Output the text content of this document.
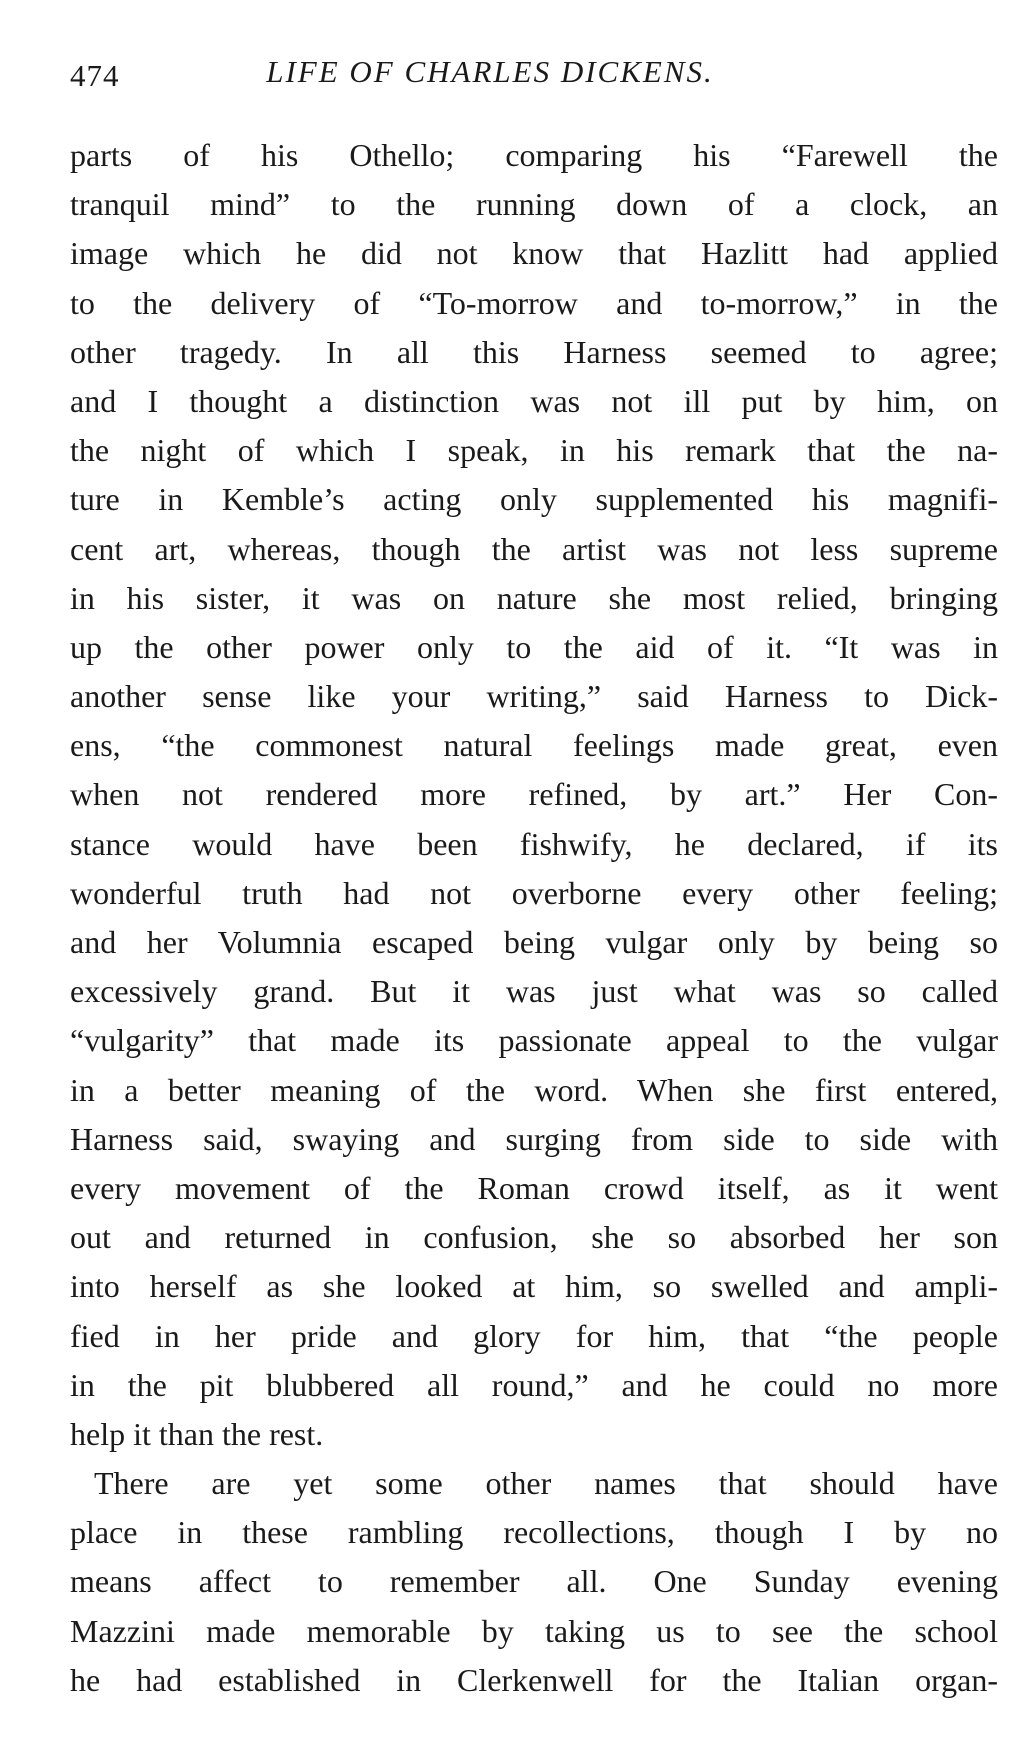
474	LIFE OF CHARLES DICKENS.
parts of his Othello; comparing his “Farewell the
tranquil mind” to the running down of a clock, an
image which he did not know that Hazlitt had applied
to the delivery of “To-morrow and to-morrow,” in the
other tragedy. In all this Harness seemed to agree;
and I thought a distinction was not ill put by him, on
the night of which I speak, in his remark that the na-
ture in Kemble’s acting only supplemented his magnifi-
cent art, whereas, though the artist was not less supreme
in his sister, it was on nature she most relied, bringing
up the other power only to the aid of it. “It was in
another sense like your writing,” said Harness to Dick-
ens, “the commonest natural feelings made great, even
when not rendered more refined, by art.” Her Con-
stance would have been fishwify, he declared, if its
wonderful truth had not overborne every other feeling;
and her Volumnia escaped being vulgar only by being so
excessively grand. But it was just what was so called
“vulgarity” that made its passionate appeal to the vulgar
in a better meaning of the word. When she first entered,
Harness said, swaying and surging from side to side with
every movement of the Roman crowd itself, as it went
out and returned in confusion, she so absorbed her son
into herself as she looked at him, so swelled and ampli-
fied in her pride and glory for him, that “the people
in the pit blubbered all round,” and he could no more
help it than the rest.
There are yet some other names that should have
place in these rambling recollections, though I by no
means affect to remember all. One Sunday evening
Mazzini made memorable by taking us to see the school
he had established in Clerkenwell for the Italian organ-
